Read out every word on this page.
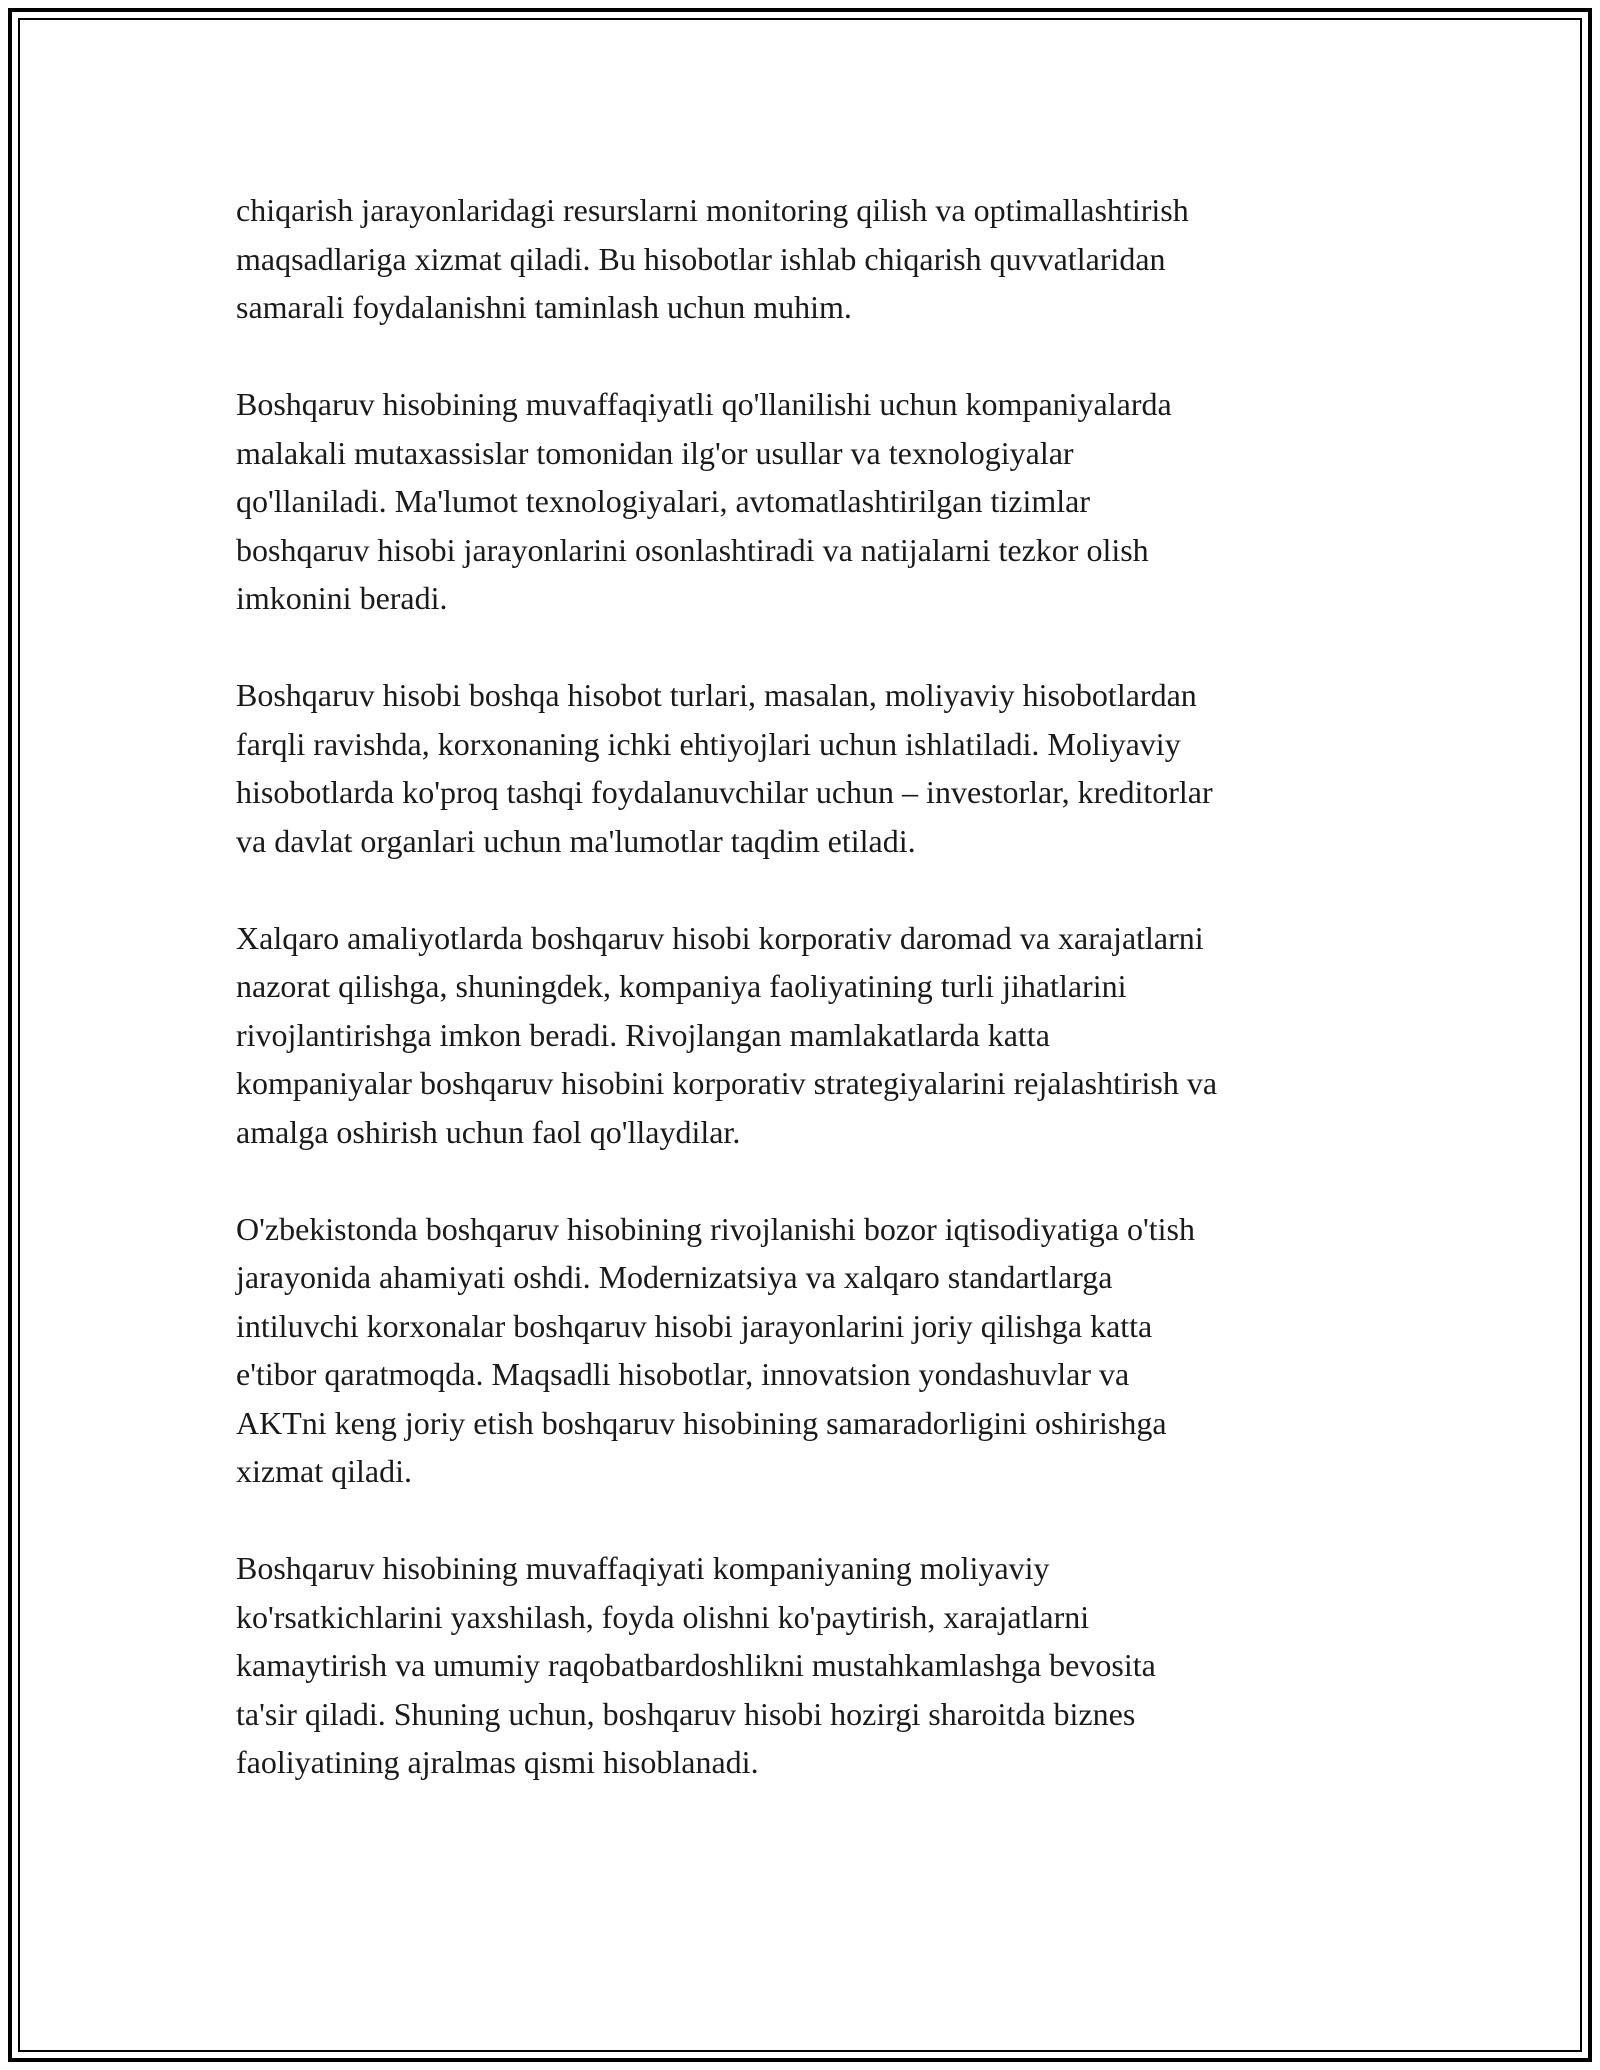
chiqarish jarayonlaridagi resurslarni monitoring qilish va optimallashtirish
maqsadlariga xizmat qiladi. Bu hisobotlar ishlab chiqarish quvvatlaridan
samarali foydalanishni taminlash uchun muhim.

Boshqaruv hisobining muvaffaqiyatli qo'llanilishi uchun kompaniyalarda
malakali mutaxassislar tomonidan ilg'or usullar va texnologiyalar
qo'llaniladi. Ma'lumot texnologiyalari, avtomatlashtirilgan tizimlar
boshqaruv hisobi jarayonlarini osonlashtiradi va natijalarni tezkor olish
imkonini beradi.

Boshqaruv hisobi boshqa hisobot turlari, masalan, moliyaviy hisobotlardan
farqli ravishda, korxonaning ichki ehtiyojlari uchun ishlatiladi. Moliyaviy
hisobotlarda ko'proq tashqi foydalanuvchilar uchun – investorlar, kreditorlar
va davlat organlari uchun ma'lumotlar taqdim etiladi.

Xalqaro amaliyotlarda boshqaruv hisobi korporativ daromad va xarajatlarni
nazorat qilishga, shuningdek, kompaniya faoliyatining turli jihatlarini
rivojlantirishga imkon beradi. Rivojlangan mamlakatlarda katta
kompaniyalar boshqaruv hisobini korporativ strategiyalarini rejalashtirish va
amalga oshirish uchun faol qo'llaydilar.

O'zbekistonda boshqaruv hisobining rivojlanishi bozor iqtisodiyatiga o'tish
jarayonida ahamiyati oshdi. Modernizatsiya va xalqaro standartlarga
intiluvchi korxonalar boshqaruv hisobi jarayonlarini joriy qilishga katta
e'tibor qaratmoqda. Maqsadli hisobotlar, innovatsion yondashuvlar va
AKTni keng joriy etish boshqaruv hisobining samaradorligini oshirishga
xizmat qiladi.

Boshqaruv hisobining muvaffaqiyati kompaniyaning moliyaviy
ko'rsatkichlarini yaxshilash, foyda olishni ko'paytirish, xarajatlarni
kamaytirish va umumiy raqobatbardoshlikni mustahkamlashga bevosita
ta'sir qiladi. Shuning uchun, boshqaruv hisobi hozirgi sharoitda biznes
faoliyatining ajralmas qismi hisoblanadi.
